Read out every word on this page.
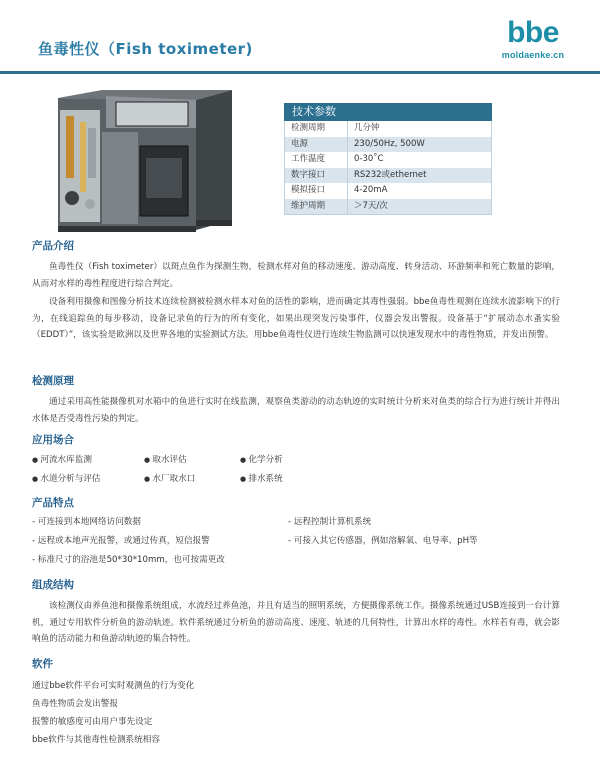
鱼毒性仪（Fish toximeter)	bbe
moldaenke.cn
技术参数
检测周期	几分钟
电源	230/50Hz, 500W
工作温度	0-30˚C
数字接口	RS232或ethernet
模拟接口	4-20mA
维护周期	＞7天/次
产品介绍

鱼毒性仪（Fish toximeter）以斑点鱼作为探测生物，检测水样对鱼的移动速度、游动高度、转身活动、环游频率和死亡数量的影响，从而对水样的毒性程度进行综合判定。

设备利用摄像和图像分析技术连续检测被检测水样本对鱼的活性的影响，进而确定其毒性强弱。bbe鱼毒性观测在连续水流影响下的行为，在线追踪鱼的每步移动，设备记录鱼的行为的所有变化，如果出现突发污染事件，仪器会发出警报。设备基于“扩展动态水蚤实验（EDDT）”，该实验是欧洲以及世界各地的实验测试方法。用bbe鱼毒性仪进行连续生物监测可以快速发现水中的毒性物质，并发出预警。

检测原理

通过采用高性能摄像机对水箱中的鱼进行实时在线监测，观察鱼类游动的动态轨迹的实时统计分析来对鱼类的综合行为进行统计并得出水体是否受毒性污染的判定。

应用场合
● 河流水库监测	● 取水评估	● 化学分析
● 水道分析与评估	● 水厂取水口	● 排水系统
产品特点
- 可连接到本地网络访问数据	- 远程控制计算机系统
- 远程或本地声光报警，或通过传真，短信报警	- 可接入其它传感器，例如溶解氧、电导率、pH等
- 标准尺寸的浴池是50*30*10mm，也可按需更改
组成结构

该检测仪由养鱼池和摄像系统组成，水流经过养鱼池，并且有适当的照明系统，方便摄像系统工作。摄像系统通过USB连接到一台计算机，通过专用软件分析鱼的游动轨迹。软件系统通过分析鱼的游动高度、速度、轨迹的几何特性，计算出水样的毒性。水样若有毒，就会影响鱼的活动能力和鱼游动轨迹的集合特性。

软件
通过bbe软件平台可实时观测鱼的行为变化
鱼毒性物质会发出警报
报警的敏感度可由用户事先设定
bbe软件与其他毒性检测系统相容
